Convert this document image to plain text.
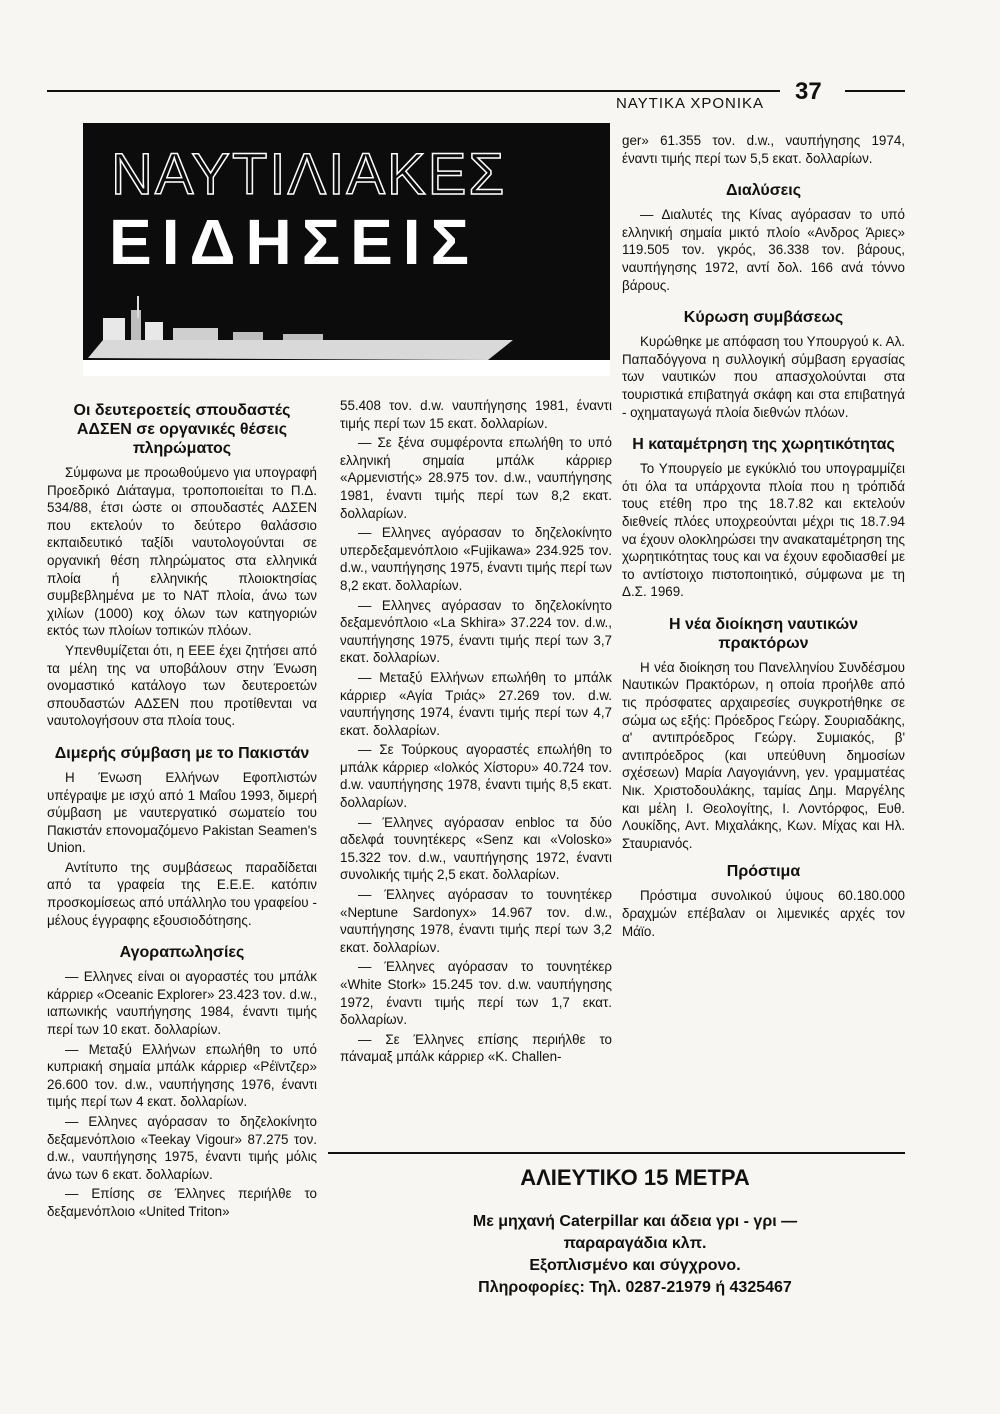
ΝΑΥΤΙΚΑ ΧΡΟΝΙΚΑ	37
ΝΑΥΤΙΛΙΑΚΕΣ
ΕΙΔΗΣΕΙΣ
Οι δευτεροετείς σπουδαστές ΑΔΣΕΝ σε οργανικές θέσεις πληρώματος

Σύμφωνα με προωθούμενο για υπογραφή Προεδρικό Διάταγμα, τροποποιείται το Π.Δ. 534/88, έτσι ώστε οι σπουδαστές ΑΔΣΕΝ που εκτελούν το δεύτερο θαλάσσιο εκπαιδευτικό ταξίδι ναυτολογούνται σε οργανική θέση πληρώματος στα ελληνικά πλοία ή ελληνικής πλοιοκτησίας συμβεβλημένα με το ΝΑΤ πλοία, άνω των χιλίων (1000) κοχ όλων των κατηγοριών εκτός των πλοίων τοπικών πλόων.

Υπενθυμίζεται ότι, η ΕΕΕ έχει ζητήσει από τα μέλη της να υποβάλουν στην Ένωση ονομαστικό κατάλογο των δευτεροετών σπουδαστών ΑΔΣΕΝ που προτίθενται να ναυτολογήσουν στα πλοία τους.

Διμερής σύμβαση με το Πακιστάν

Η Ένωση Ελλήνων Εφοπλιστών υπέγραψε με ισχύ από 1 Μαΐου 1993, διμερή σύμβαση με ναυτεργατικό σωματείο του Πακιστάν επονομαζόμενο Pakistan Seamen's Union.

Αντίτυπο της συμβάσεως παραδίδεται από τα γραφεία της Ε.Ε.Ε. κατόπιν προσκομίσεως από υπάλληλο του γραφείου - μέλους έγγραφης εξουσιοδότησης.

Αγοραπωλησίες

— Ελληνες είναι οι αγοραστές του μπάλκ κάρριερ «Oceanic Explorer» 23.423 τον. d.w., ιαπωνικής ναυπήγησης 1984, έναντι τιμής περί των 10 εκατ. δολλαρίων.

— Μεταξύ Ελλήνων επωλήθη το υπό κυπριακή σημαία μπάλκ κάρριερ «Ρέϊντζερ» 26.600 τον. d.w., ναυπήγησης 1976, έναντι τιμής περί των 4 εκατ. δολλαρίων.

— Ελληνες αγόρασαν το δηζελοκίνητο δεξαμενόπλοιο «Teekay Vigour» 87.275 τον. d.w., ναυπήγησης 1975, έναντι τιμής μόλις άνω των 6 εκατ. δολλαρίων.

— Επίσης σε Έλληνες περιήλθε το δεξαμενόπλοιο «United Triton»

55.408 τον. d.w. ναυπήγησης 1981, έναντι τιμής περί των 15 εκατ. δολλαρίων.

— Σε ξένα συμφέροντα επωλήθη το υπό ελληνική σημαία μπάλκ κάρριερ «Αρμενιστής» 28.975 τον. d.w., ναυπήγησης 1981, έναντι τιμής περί των 8,2 εκατ. δολλαρίων.

— Ελληνες αγόρασαν το δηζελοκίνητο υπερδεξαμενόπλοιο «Fujikawa» 234.925 τον. d.w., ναυπήγησης 1975, έναντι τιμής περί των 8,2 εκατ. δολλαρίων.

— Ελληνες αγόρασαν το δηζελοκίνητο δεξαμενόπλοιο «La Skhira» 37.224 τον. d.w., ναυπήγησης 1975, έναντι τιμής περί των 3,7 εκατ. δολλαρίων.

— Μεταξύ Ελλήνων επωλήθη το μπάλκ κάρριερ «Αγία Τριάς» 27.269 τον. d.w. ναυπήγησης 1974, έναντι τιμής περί των 4,7 εκατ. δολλαρίων.

— Σε Τούρκους αγοραστές επωλήθη το μπάλκ κάρριερ «Ιολκός Χίστορυ» 40.724 τον. d.w. ναυπήγησης 1978, έναντι τιμής 8,5 εκατ. δολλαρίων.

— Έλληνες αγόρασαν enbloc τα δύο αδελφά τουνητέκερς «Senz και «Volosko» 15.322 τον. d.w., ναυπήγησης 1972, έναντι συνολικής τιμής 2,5 εκατ. δολλαρίων.

— Έλληνες αγόρασαν το τουνητέκερ «Neptune Sardonyx» 14.967 τον. d.w., ναυπήγησης 1978, έναντι τιμής περί των 3,2 εκατ. δολλαρίων.

— Έλληνες αγόρασαν το τουνητέκερ «White Stork» 15.245 τον. d.w. ναυπήγησης 1972, έναντι τιμής περί των 1,7 εκατ. δολλαρίων.

— Σε Έλληνες επίσης περιήλθε το πάναμαξ μπάλκ κάρριερ «K. Challen-

ger» 61.355 τον. d.w., ναυπήγησης 1974, έναντι τιμής περί των 5,5 εκατ. δολλαρίων.

Διαλύσεις

— Διαλυτές της Κίνας αγόρασαν το υπό ελληνική σημαία μικτό πλοίο «Ανδρος Άριες» 119.505 τον. γκρός, 36.338 τον. βάρους, ναυπήγησης 1972, αντί δολ. 166 ανά τόννο βάρους.

Κύρωση συμβάσεως

Κυρώθηκε με απόφαση του Υπουργού κ. Αλ. Παπαδόγγονα η συλλογική σύμβαση εργασίας των ναυτικών που απασχολούνται στα τουριστικά επιβατηγά σκάφη και στα επιβατηγά - οχηματαγωγά πλοία διεθνών πλόων.

Η καταμέτρηση της χωρητικότητας

Το Υπουργείο με εγκύκλιό του υπογραμμίζει ότι όλα τα υπάρχοντα πλοία που η τρόπιδά τους ετέθη προ της 18.7.82 και εκτελούν διεθνείς πλόες υποχρεούνται μέχρι τις 18.7.94 να έχουν ολοκληρώσει την ανακαταμέτρηση της χωρητικότητας τους και να έχουν εφοδιασθεί με το αντίστοιχο πιστοποιητικό, σύμφωνα με τη Δ.Σ. 1969.

Η νέα διοίκηση ναυτικών πρακτόρων

Η νέα διοίκηση του Πανελληνίου Συνδέσμου Ναυτικών Πρακτόρων, η οποία προήλθε από τις πρόσφατες αρχαιρεσίες συγκροτήθηκε σε σώμα ως εξής: Πρόεδρος Γεώργ. Σουριαδάκης, α' αντιπρόεδρος Γεώργ. Συμιακός, β' αντιπρόεδρος (και υπεύθυνη δημοσίων σχέσεων) Μαρία Λαγογιάννη, γεν. γραμματέας Νικ. Χριστοδουλάκης, ταμίας Δημ. Μαργέλης και μέλη Ι. Θεολογίτης, Ι. Λοντόρφος, Ευθ. Λουκίδης, Αντ. Μιχαλάκης, Κων. Μίχας και Ηλ. Σταυριανός.

Πρόστιμα

Πρόστιμα συνολικού ύψους 60.180.000 δραχμών επέβαλαν οι λιμενικές αρχές τον Μάϊο.

ΑΛΙΕΥΤΙΚΟ 15 ΜΕΤΡΑ
Με μηχανή Caterpillar και άδεια γρι - γρι —
παραραγάδια κλπ.
Εξοπλισμένο και σύγχρονο.
Πληροφορίες: Τηλ. 0287-21979 ή 4325467
